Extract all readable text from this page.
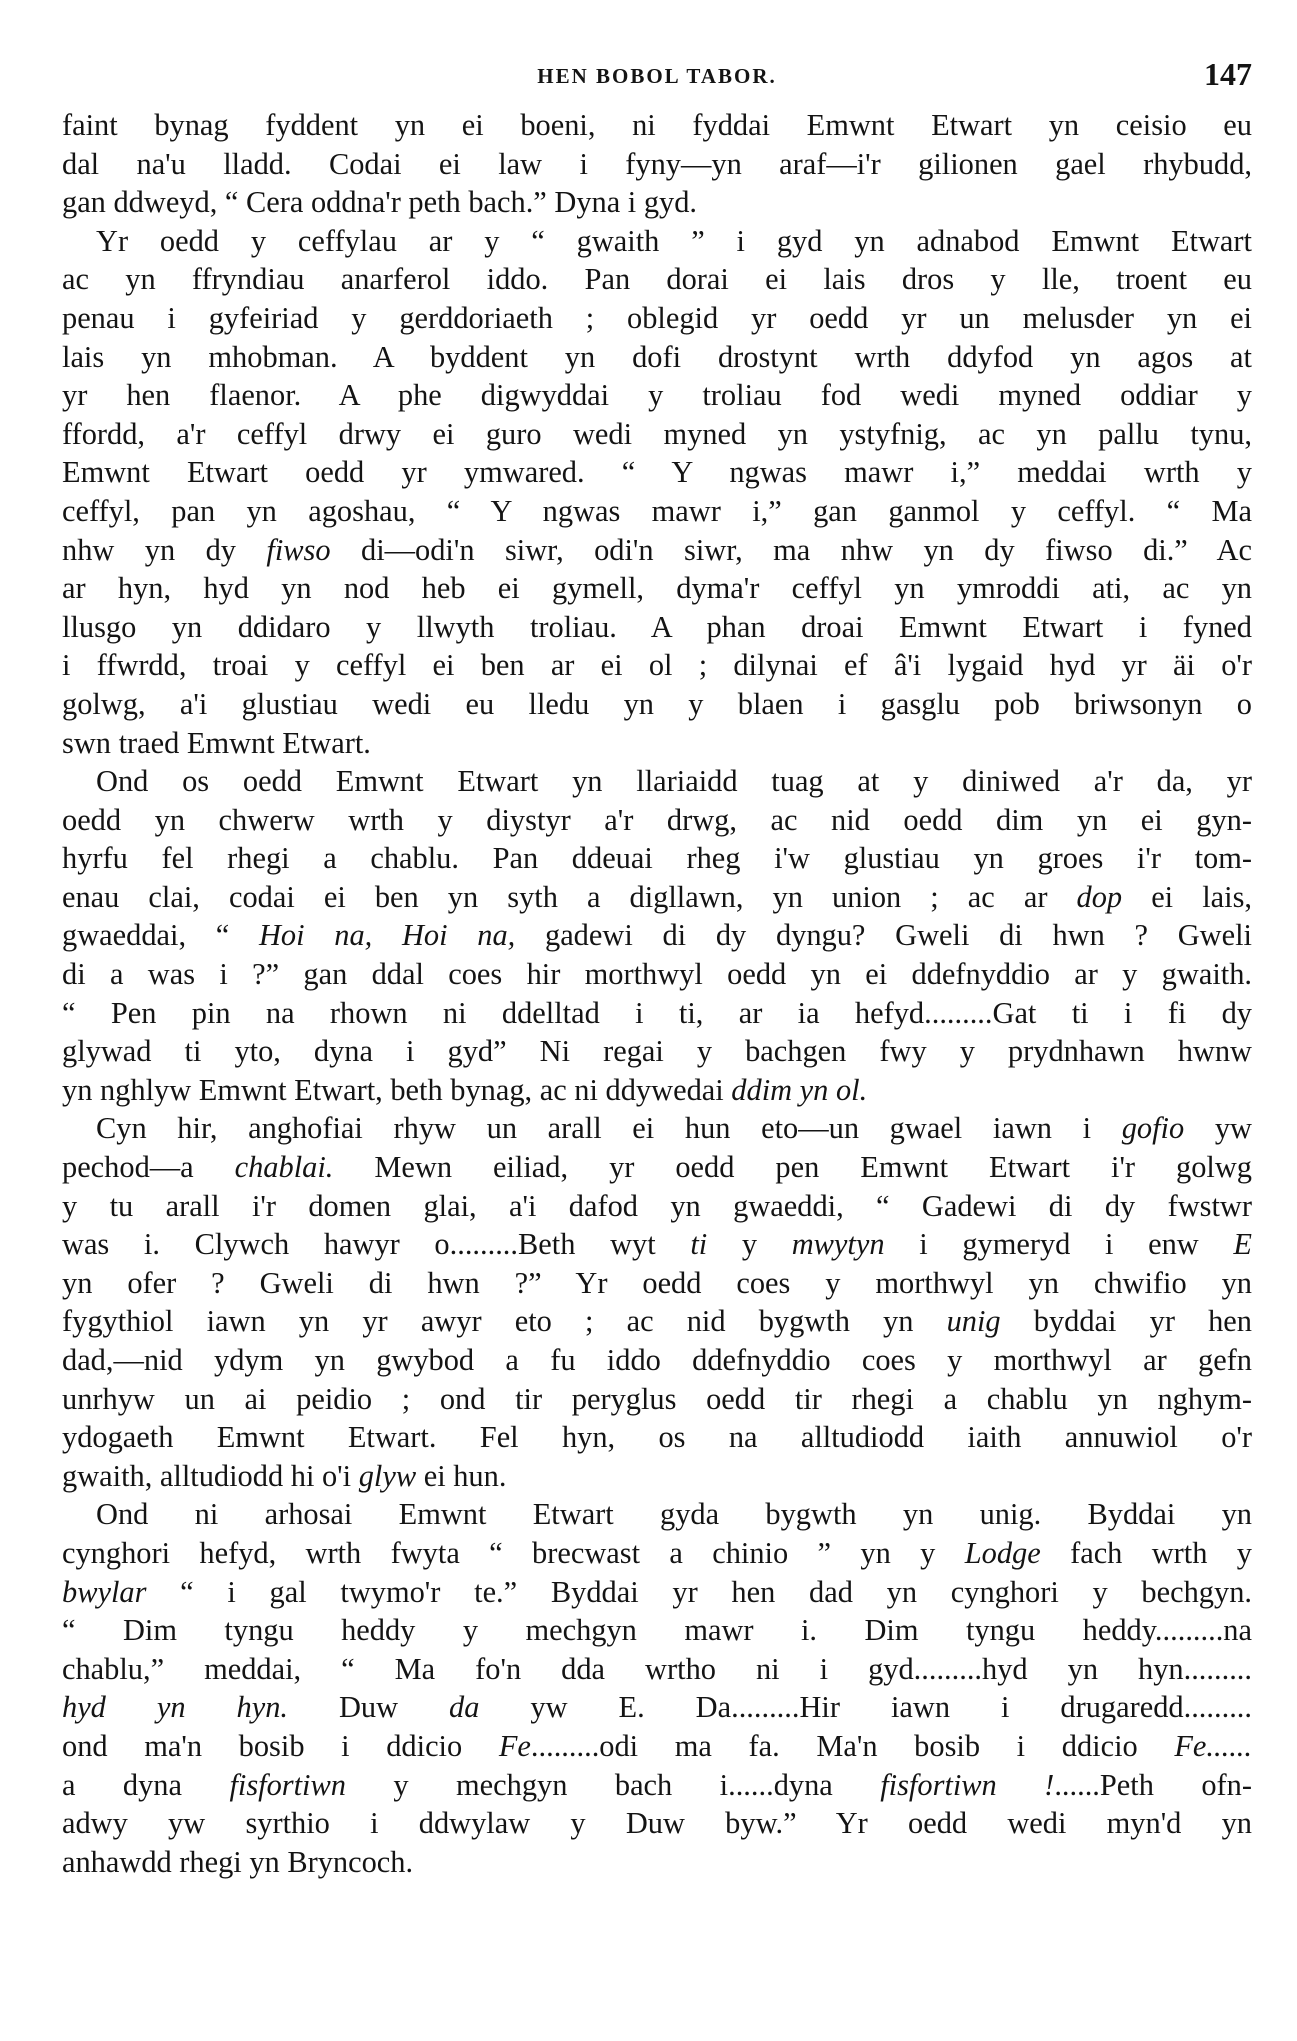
HEN BOBOL TABOR.	147
faint bynag fyddent yn ei boeni, ni fyddai Emwnt Etwart yn ceisio eu
dal na'u lladd. Codai ei law i fyny—yn araf—i'r gilionen gael rhybudd,
gan ddweyd, “ Cera oddna'r peth bach.” Dyna i gyd.
Yr oedd y ceffylau ar y “ gwaith ” i gyd yn adnabod Emwnt Etwart
ac yn ffryndiau anarferol iddo. Pan dorai ei lais dros y lle, troent eu
penau i gyfeiriad y gerddoriaeth ; oblegid yr oedd yr un melusder yn ei
lais yn mhobman. A byddent yn dofi drostynt wrth ddyfod yn agos at
yr hen flaenor. A phe digwyddai y troliau fod wedi myned oddiar y
ffordd, a'r ceffyl drwy ei guro wedi myned yn ystyfnig, ac yn pallu tynu,
Emwnt Etwart oedd yr ymwared. “ Y ngwas mawr i,” meddai wrth y
ceffyl, pan yn agoshau, “ Y ngwas mawr i,” gan ganmol y ceffyl. “ Ma
nhw yn dy fiwso di—odi'n siwr, odi'n siwr, ma nhw yn dy fiwso di.” Ac
ar hyn, hyd yn nod heb ei gymell, dyma'r ceffyl yn ymroddi ati, ac yn
llusgo yn ddidaro y llwyth troliau. A phan droai Emwnt Etwart i fyned
i ffwrdd, troai y ceffyl ei ben ar ei ol ; dilynai ef â'i lygaid hyd yr äi o'r
golwg, a'i glustiau wedi eu lledu yn y blaen i gasglu pob briwsonyn o
swn traed Emwnt Etwart.
Ond os oedd Emwnt Etwart yn llariaidd tuag at y diniwed a'r da, yr
oedd yn chwerw wrth y diystyr a'r drwg, ac nid oedd dim yn ei gyn-
hyrfu fel rhegi a chablu. Pan ddeuai rheg i'w glustiau yn groes i'r tom-
enau clai, codai ei ben yn syth a digllawn, yn union ; ac ar dop ei lais,
gwaeddai, “ Hoi na, Hoi na, gadewi di dy dyngu? Gweli di hwn ? Gweli
di a was i ?” gan ddal coes hir morthwyl oedd yn ei ddefnyddio ar y gwaith.
“ Pen pin na rhown ni ddelltad i ti, ar ia hefyd.........Gat ti i fi dy
glywad ti yto, dyna i gyd” Ni regai y bachgen fwy y prydnhawn hwnw
yn nghlyw Emwnt Etwart, beth bynag, ac ni ddywedai ddim yn ol.
Cyn hir, anghofiai rhyw un arall ei hun eto—un gwael iawn i gofio yw
pechod—a chablai. Mewn eiliad, yr oedd pen Emwnt Etwart i'r golwg
y tu arall i'r domen glai, a'i dafod yn gwaeddi, “ Gadewi di dy fwstwr
was i. Clywch hawyr o.........Beth wyt ti y mwytyn i gymeryd i enw E
yn ofer ? Gweli di hwn ?” Yr oedd coes y morthwyl yn chwifio yn
fygythiol iawn yn yr awyr eto ; ac nid bygwth yn unig byddai yr hen
dad,—nid ydym yn gwybod a fu iddo ddefnyddio coes y morthwyl ar gefn
unrhyw un ai peidio ; ond tir peryglus oedd tir rhegi a chablu yn nghym-
ydogaeth Emwnt Etwart. Fel hyn, os na alltudiodd iaith annuwiol o'r
gwaith, alltudiodd hi o'i glyw ei hun.
Ond ni arhosai Emwnt Etwart gyda bygwth yn unig. Byddai yn
cynghori hefyd, wrth fwyta “ brecwast a chinio ” yn y Lodge fach wrth y
bwylar “ i gal twymo'r te.” Byddai yr hen dad yn cynghori y bechgyn.
“ Dim tyngu heddy y mechgyn mawr i. Dim tyngu heddy.........na
chablu,” meddai, “ Ma fo'n dda wrtho ni i gyd.........hyd yn hyn.........
hyd yn hyn. Duw da yw E. Da.........Hir iawn i drugaredd.........
ond ma'n bosib i ddicio Fe.........odi ma fa. Ma'n bosib i ddicio Fe......
a dyna fisfortiwn y mechgyn bach i......dyna fisfortiwn !......Peth ofn-
adwy yw syrthio i ddwylaw y Duw byw.” Yr oedd wedi myn'd yn
anhawdd rhegi yn Bryncoch.
